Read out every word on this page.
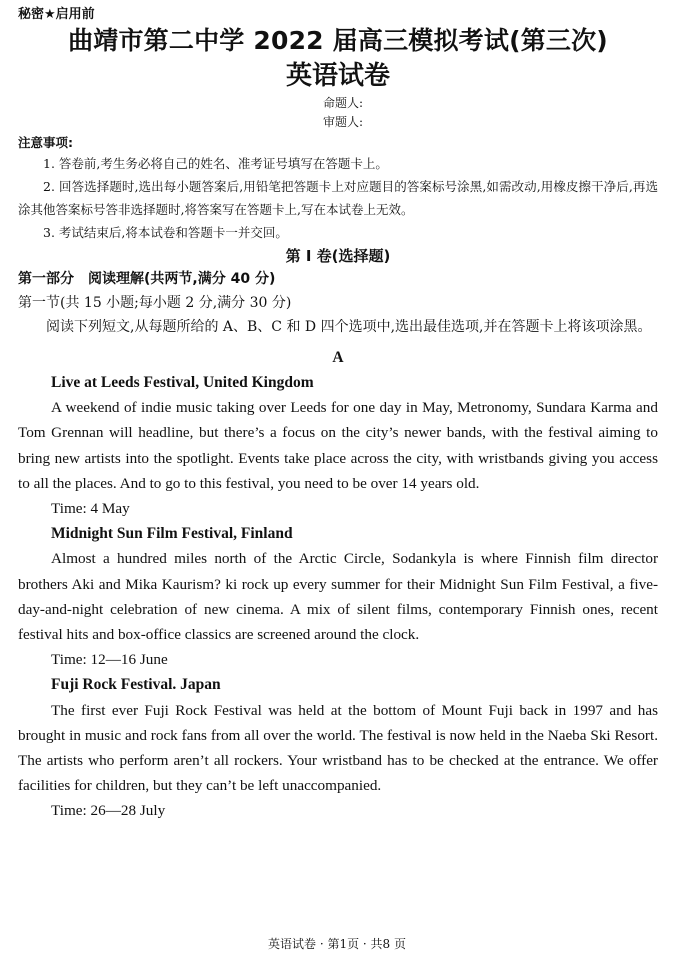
秘密★启用前

曲靖市第二中学 2022 届高三模拟考试(第三次)

英语试卷

命题人:

审题人:

注意事项:

1. 答卷前,考生务必将自己的姓名、准考证号填写在答题卡上。

2. 回答选择题时,选出每小题答案后,用铅笔把答题卡上对应题目的答案标号涂黑,如需改动,用橡皮擦干净后,再选涂其他答案标号答非选择题时,将答案写在答题卡上,写在本试卷上无效。

3. 考试结束后,将本试卷和答题卡一并交回。

第 I 卷(选择题)

第一部分　阅读理解(共两节,满分 40 分)

第一节(共 15 小题;每小题 2 分,满分 30 分)

阅读下列短文,从每题所给的 A、B、C 和 D 四个选项中,选出最佳选项,并在答题卡上将该项涂黑。

A

Live at Leeds Festival, United Kingdom

A weekend of indie music taking over Leeds for one day in May, Metronomy, Sundara Karma and Tom Grennan will headline, but there’s a focus on the city’s newer bands, with the festival aiming to bring new artists into the spotlight. Events take place across the city, with wristbands giving you access to all the places. And to go to this festival, you need to be over 14 years old.

Time: 4 May

Midnight Sun Film Festival, Finland

Almost a hundred miles north of the Arctic Circle, Sodankyla is where Finnish film director brothers Aki and Mika Kaurism? ki rock up every summer for their Midnight Sun Film Festival, a five-day-and-night celebration of new cinema. A mix of silent films, contemporary Finnish ones, recent festival hits and box-office classics are screened around the clock.

Time: 12—16 June

Fuji Rock Festival. Japan

The first ever Fuji Rock Festival was held at the bottom of Mount Fuji back in 1997 and has brought in music and rock fans from all over the world. The festival is now held in the Naeba Ski Resort. The artists who perform aren’t all rockers. Your wristband has to be checked at the entrance. We offer facilities for children, but they can’t be left unaccompanied.

Time: 26—28 July

英语试卷 · 第1页 · 共8 页
